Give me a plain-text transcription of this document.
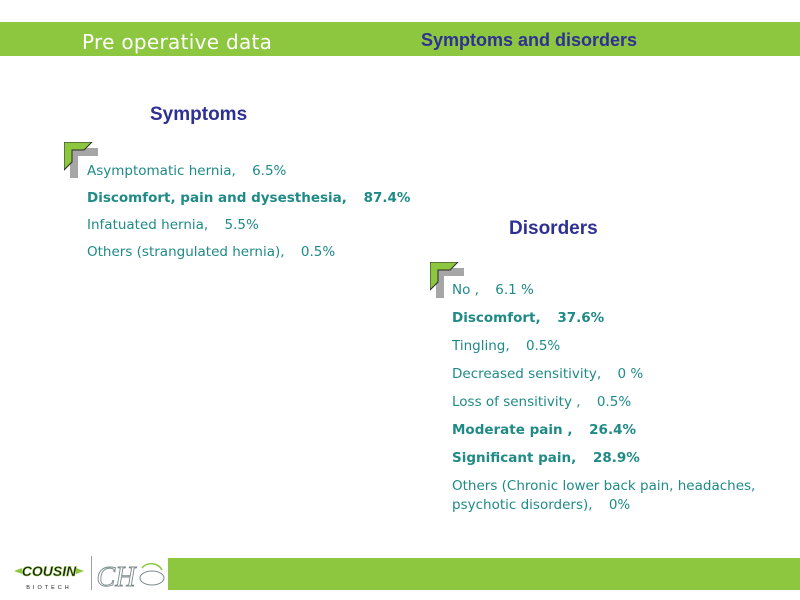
Pre operative data	Symptoms and disorders
Symptoms
Asymptomatic hernia, 6.5%
Discomfort, pain and dysesthesia, 87.4%
Infatuated hernia, 5.5%
Others (strangulated hernia), 0.5%
Disorders
No , 6.1 %
Discomfort, 37.6%
Tingling, 0.5%
Decreased sensitivity, 0 %
Loss of sensitivity , 0.5%
Moderate pain , 26.4%
Significant pain, 28.9%
Others (Chronic lower back pain, headaches, psychotic disorders), 0%
COUSIN
BIOTECH CH
